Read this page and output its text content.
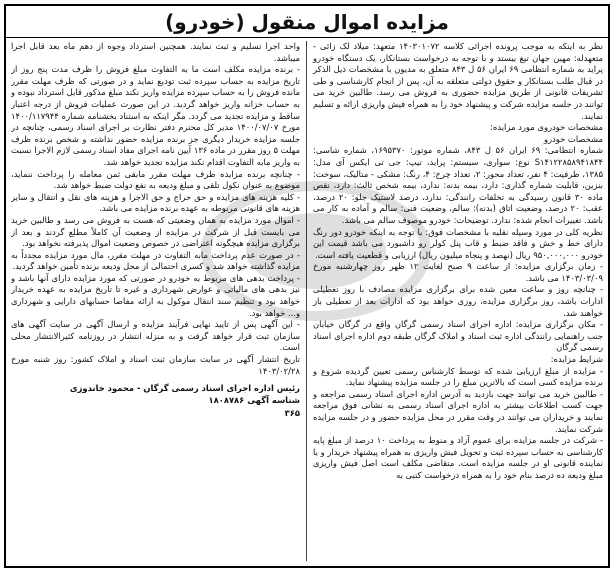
مزایده اموال منقول (خودرو)

نظر به اینکه به موجب پرونده اجرائی کلاسه ۱۴۰۳۰۱۰۷۲ متعهد: میلاد لک زائی - متعهدله: مهین جهان تیغ بیستد و با توجه به درخواست بستانکار، یک دستگاه خودرو پراید به شماره انتظامی ۶۹ ایران ۵۶ ل ۸۴۳ متعلق به مدیون با مشخصات ذیل الذکر در قبال طلب بستانکار و حقوق دولتی متعلقه به آن، پس از انجام کارشناسی و طی تشریفات قانونی از طریق مزایده حضوری به فروش می رسد. طالبین خرید می توانند در جلسه مزایده شرکت و پیشنهاد خود را به همراه فیش واریزی ارائه و تسلیم نمایند.

مشخصات خودروی مورد مزایده:

مشخصات خودرو

شماره انتظامی: ۶۹ ایران ۵۶ ل ۸۴۳، شماره موتور: ۱۶۹۵۳۷۰، شماره شاسی: S۱۴۱۲۲۸۵۸۹۴۱۸۴۴ نوع: سواری، سیستم: پراید، تیپ: جی تی ایکس آی مدل: ۱۳۸۵، ظرفیت: ۴ نفر، تعداد محور: ۲، تعداد چرخ: ۴، رنگ: مشکی - متالیک، سوخت: بنزین، قابلیت شماره گذاری: دارد، بیمه بدنه: ندارد، بیمه شخص ثالث: دارد، نقص ماده ۳۰ قانون رسیدگی به تخلفات رانندگی: ندارد، درصد لاستیک جلو: ۲۰ درصد، عقب: ۲۰ درصد، وضعیت اتاق (بدنه): سالم، وضعیت فنی: سالم و آماده به کار می باشد. تغییرات انجام شده: ندارد. توضیحات: خودرو موصوف سالم می باشد.

نظریه کلی در مورد وسیله نقلیه با مشخصات فوق: با توجه به اینکه خودرو دور رنگ دارای خط و خش و فاقد ضبط و قاب پنل کولر رو داشبورد می باشد قیمت این خودرو ۹۵۰,۰۰۰,۰۰۰ ریال (نهصد و پنجاه میلیون ریال) ارزیابی و قطعیت یافته است.

- زمان برگزاری مزایده: از ساعت ۹ صبح لغایت ۱۲ ظهر روز چهارشنبه مورخ ۱۴۰۳/۰۳/۰۹ می باشد.

- چنانچه روز و ساعت معین شده برای برگزاری مزایده مصادف با روز تعطیلی ادارات باشد، روز برگزاری مزایده، روزی خواهد بود که ادارات بعد از تعطیلی باز خواهند شد.

- مکان برگزاری مزایده: اداره اجرای اسناد رسمی گرگان واقع در گرگان خیابان جنب راهنمایی رانندگی اداره ثبت اسناد و املاک گرگان طبقه دوم اداره اجرای اسناد رسمی گرگان

شرایط مزایده:

- مزایده از مبلغ ارزیابی شده که توسط کارشناس رسمی تعیین گردیده شروع و برنده مزایده کسی است که بالاترین مبلغ را در جلسه مزایده پیشنهاد نماید.

- طالبین خرید می توانند جهت بازدید به آدرس اداره اجرای اسناد رسمی مراجعه و جهت کسب اطلاعات بیشتر به اداره اجرای اسناد رسمی به نشانی فوق مراجعه نمایند و خریداران می توانند در وقت مقرر در محل مزایده حضور و در جلسه مزایده شرکت نمایند.

- شرکت در جلسه مزایده برای عموم آزاد و منوط به پرداخت ۱۰ درصد از مبلغ پایه کارشناسی به حساب سپرده ثبت و تحویل فیش واریزی به همراه پیشنهاد خریدار و یا نماینده قانونی او در جلسه مزایده است. متقاضی مکلف است اصل فیش واریزی مبلغ ودیعه ده درصد بنام خود را به همراه درخواست کتبی به

واحد اجرا تسلیم و ثبت نمایند. همچنین استرداد وجوه از دهم ماه بعد قابل اجرا میباشد.

- برنده مزایده مکلف است ما به التفاوت مبلغ فروش را ظرف مدت پنج روز از تاریخ مزایده به حساب سپرده ثبت تودیع نماید و در صورتی که ظرف مهلت مقرر مانده فروش را به حساب سپرده مزایده واریز نکند مبلغ مذکور قابل استرداد نبوده و به حساب خزانه واریز خواهد گردید. در این صورت عملیات فروش از درجه اعتبار ساقط و مزایده تجدید می گردد. مگر اینکه به استناد بخشنامه شماره ۱۴۰۰/۱۱۷۹۴۴ مورخ ۱۴۰۰/۰۷/۰۷ مدیر کل محترم دفتر نظارت بر اجرای اسناد رسمی، چنانچه در جلسه مزایده خریدار دیگری جز برنده مزایده حضور نداشته و شخص برنده ظرف مهلت ۵ روز مقرر در ماده ۱۳۶ آیین نامه اجرای مفاد اسناد رسمی لازم الاجرا نسبت به واریز مابه التفاوت اقدام نکند مزایده تجدید خواهد شد.

- چنانچه برنده مزایده ظرف مهلت مقرر مابقی ثمن معامله را پرداخت ننماید، موضوع به عنوان نکول تلقی و مبلغ ودیعه به نفع دولت ضبط خواهد شد.

- کلیه هزینه های مزایده و حق حراج و حق الاجرا و هزینه های نقل و انتقال و سایر هزینه های قانونی مربوطه به عهده برنده مزایده می باشد.

- اموال مورد مزایده به همان وضعیتی که هست به فروش می رسد و طالبین خرید می بایست قبل از شرکت در مزایده از وضعیت آن کاملاً مطلع گردند و بعد از برگزاری مزایده هیچگونه اعتراضی در خصوص وضعیت اموال پذیرفته نخواهد بود.

- در صورت عدم پرداخت مابه التفاوت در مهلت مقرر، مال مورد مزایده مجدداً به مزایده گذاشته خواهد شد و کسری احتمالی از محل ودیعه برنده تأمین خواهد گردید.

- پرداخت بدهی های مربوط به خودرو در صورتی که مورد مزایده دارای آنها باشد و نیز بدهی های مالیاتی و عوارض شهرداری و غیره تا تاریخ مزایده به عهده خریدار خواهد بود و تنظیم سند انتقال موکول به ارائه مفاصا حسابهای دارایی و شهرداری و... خواهد بود.

- این آگهی پس از تایید نهایی فرآیند مزایده و ارسال آگهی در سایت آگهی های سازمان ثبت قرار خواهد گرفت و به منزله انتشار در روزنامه کثیرالانتشار محلی است.

تاریخ انتشار آگهی در سایت سازمان ثبت اسناد و املاک کشور: روز شنبه مورخ ۱۴۰۳/۰۲/۲۸

رئیس اداره اجرای اسناد رسمی گرگان - محمود خاندوزی
شناسه آگهی ۱۸۰۸۷۸۶
۳۶۵
